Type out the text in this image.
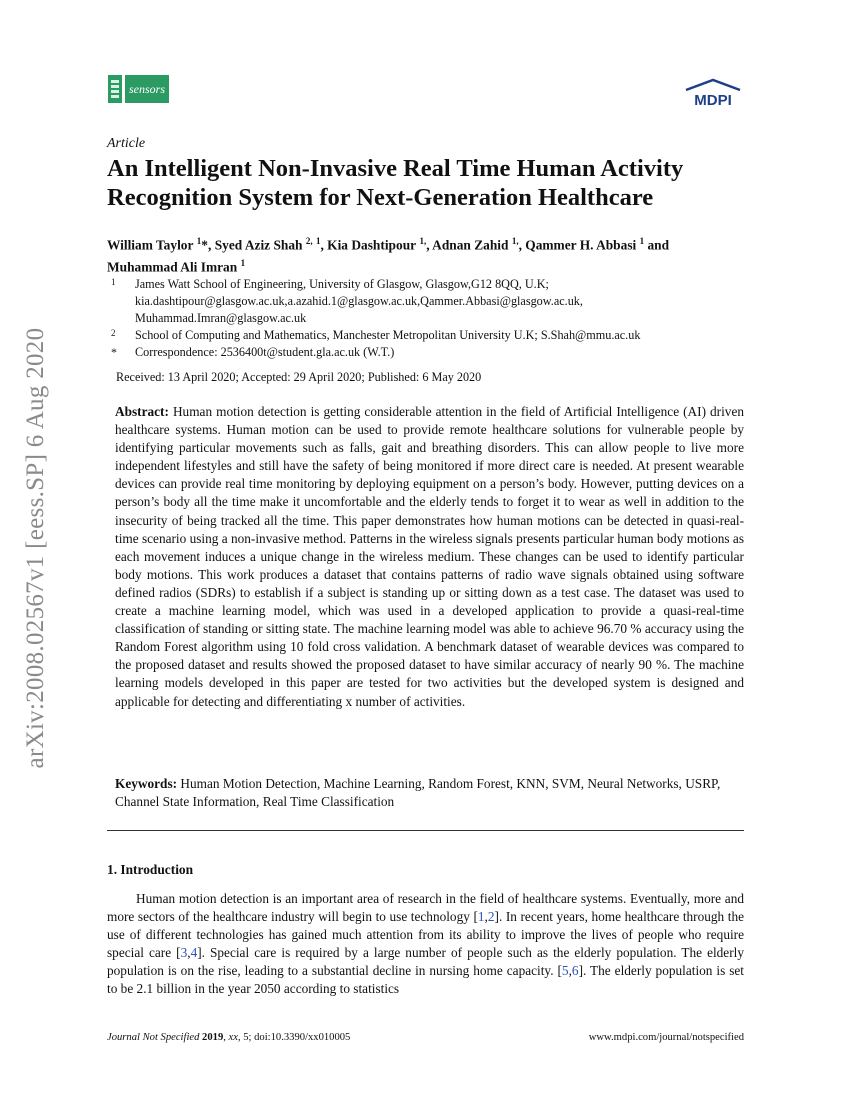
arXiv:2008.02567v1 [eess.SP] 6 Aug 2020
sensors
MDPI
Article
An Intelligent Non-Invasive Real Time Human Activity
Recognition System for Next-Generation Healthcare
William Taylor $^1$*, Syed Aziz Shah $^{2,}$ $^1$, Kia Dashtipour $^{1,}$, Adnan Zahid $^{1,}$, Qammer H. Abbasi $^1$ and
Muhammad Ali Imran $^1$
1 James Watt School of Engineering, University of Glasgow, Glasgow,G12 8QQ, U.K;
kia.dashtipour@glasgow.ac.uk,a.azahid.1@glasgow.ac.uk,Qammer.Abbasi@glasgow.ac.uk,
Muhammad.Imran@glasgow.ac.uk
2 School of Computing and Mathematics, Manchester Metropolitan University U.K; S.Shah@mmu.ac.uk
* Correspondence: 2536400t@student.gla.ac.uk (W.T.)
Received: 13 April 2020; Accepted: 29 April 2020; Published: 6 May 2020
Abstract: Human motion detection is getting considerable attention in the field of Artificial Intelligence (AI) driven healthcare systems. Human motion can be used to provide remote healthcare solutions for vulnerable people by identifying particular movements such as falls, gait and breathing disorders. This can allow people to live more independent lifestyles and still have the safety of being monitored if more direct care is needed. At present wearable devices can provide real time monitoring by deploying equipment on a person’s body. However, putting devices on a person’s body all the time make it uncomfortable and the elderly tends to forget it to wear as well in addition to the insecurity of being tracked all the time. This paper demonstrates how human motions can be detected in quasi-real-time scenario using a non-invasive method. Patterns in the wireless signals presents particular human body motions as each movement induces a unique change in the wireless medium. These changes can be used to identify particular body motions. This work produces a dataset that contains patterns of radio wave signals obtained using software defined radios (SDRs) to establish if a subject is standing up or sitting down as a test case. The dataset was used to create a machine learning model, which was used in a developed application to provide a quasi-real-time classification of standing or sitting state. The machine learning model was able to achieve 96.70 % accuracy using the Random Forest algorithm using 10 fold cross validation. A benchmark dataset of wearable devices was compared to the proposed dataset and results showed the proposed dataset to have similar accuracy of nearly 90 %. The machine learning models developed in this paper are tested for two activities but the developed system is designed and applicable for detecting and differentiating x number of activities.
Keywords: Human Motion Detection, Machine Learning, Random Forest, KNN, SVM, Neural Networks, USRP, Channel State Information, Real Time Classification
1. Introduction
Human motion detection is an important area of research in the field of healthcare systems. Eventually, more and more sectors of the healthcare industry will begin to use technology [1,2]. In recent years, home healthcare through the use of different technologies has gained much attention from its ability to improve the lives of people who require special care [3,4]. Special care is required by a large number of people such as the elderly population. The elderly population is on the rise, leading to a substantial decline in nursing home capacity. [5,6]. The elderly population is set to be 2.1 billion in the year 2050 according to statistics
Journal Not Specified 2019, xx, 5; doi:10.3390/xx010005	www.mdpi.com/journal/notspecified
